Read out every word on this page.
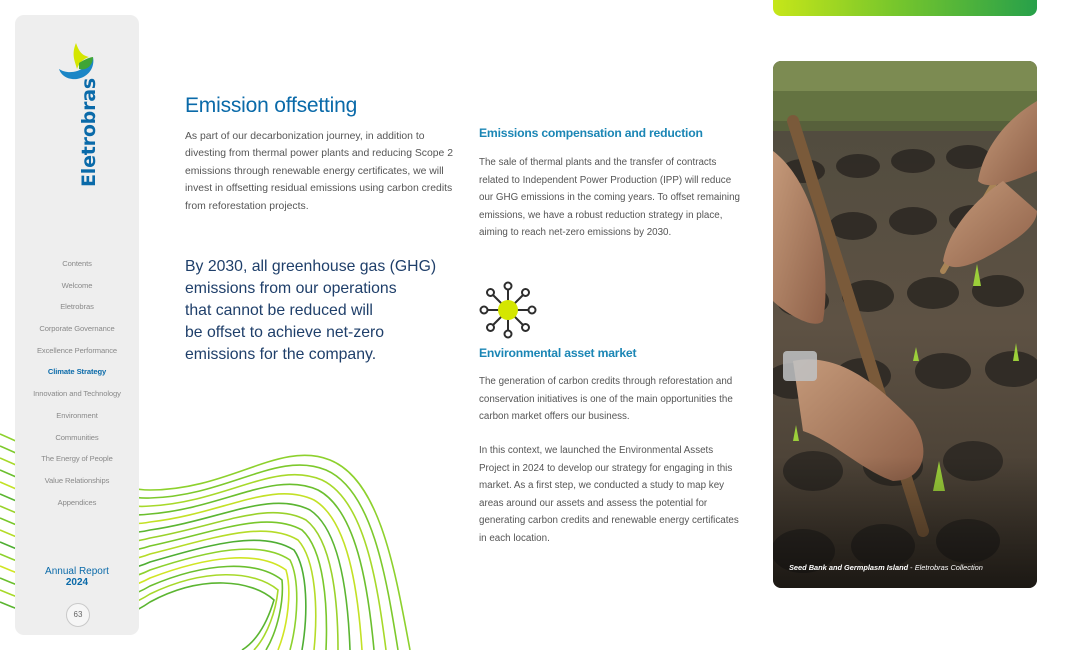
Eletrobras
Contents
Welcome
Eletrobras
Corporate Governance
Excellence Performance
Climate Strategy
Innovation and Technology
Environment
Communities
The Energy of People
Value Relationships
Appendices
Annual Report
2024
63
Emission offsetting

As part of our decarbonization journey, in addition to divesting from thermal power plants and reducing Scope 2 emissions through renewable energy certificates, we will invest in offsetting residual emissions using carbon credits from reforestation projects.

By 2030, all greenhouse gas (GHG)
emissions from our operations
that cannot be reduced will
be offset to achieve net-zero
emissions for the company.
Emissions compensation and reduction

The sale of thermal plants and the transfer of contracts related to Independent Power Production (IPP) will reduce our GHG emissions in the coming years. To offset remaining emissions, we have a robust reduction strategy in place, aiming to reach net-zero emissions by 2030.

Environmental asset market

The generation of carbon credits through reforestation and conservation initiatives is one of the main opportunities the carbon market offers our business.

In this context, we launched the Environmental Assets Project in 2024 to develop our strategy for engaging in this market. As a first step, we conducted a study to map key areas around our assets and assess the potential for generating carbon credits and renewable energy certificates in each location.

Seed Bank and Germplasm Island - Eletrobras Collection
